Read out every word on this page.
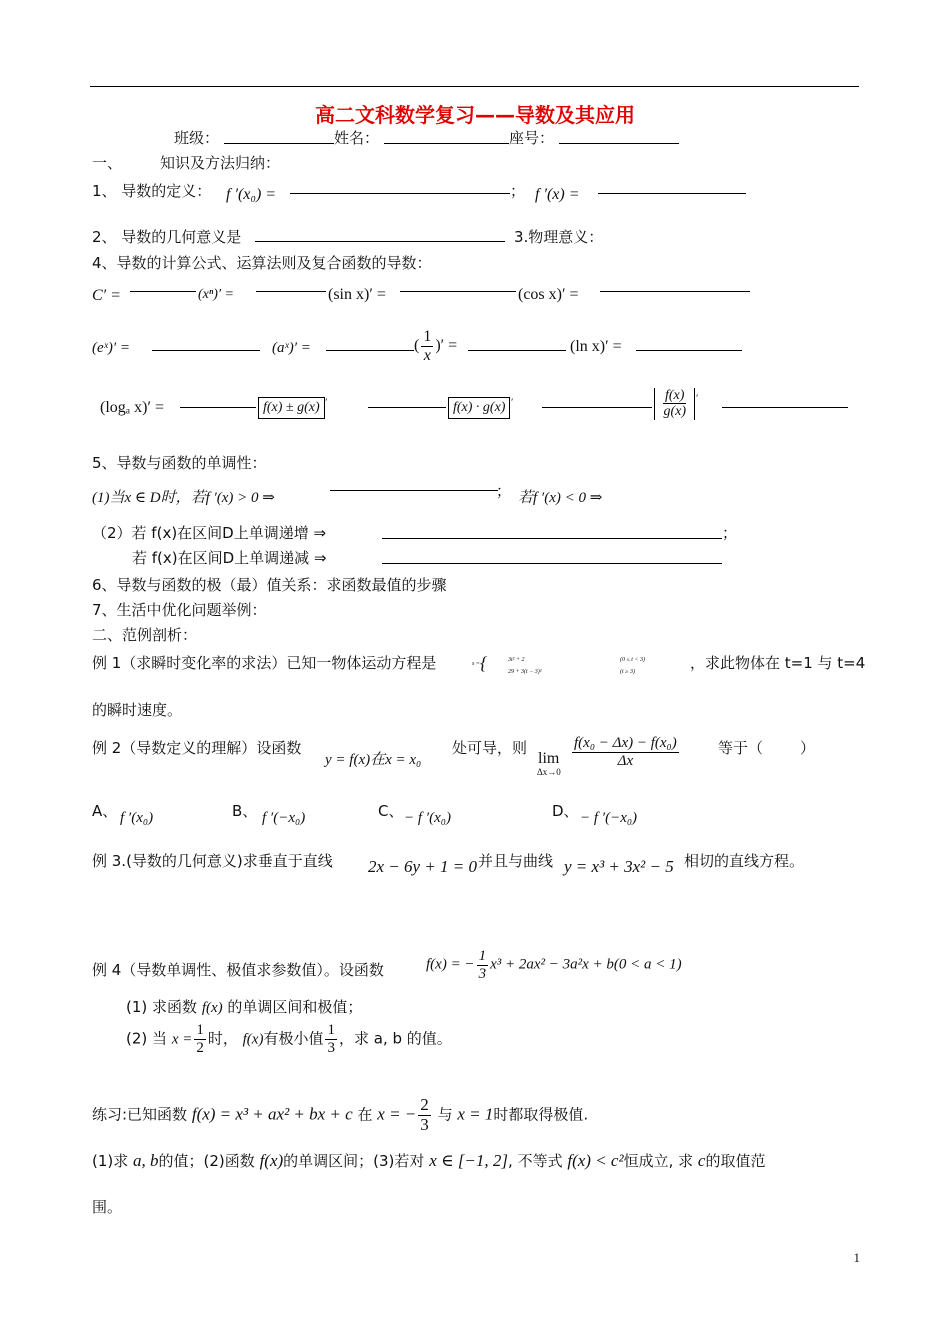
高二文科数学复习——导数及其应用
班级：	姓名：	座号：
一、	知识及方法归纳：
1、 导数的定义： f ′(x₀) =	； f ′(x) =
2、 导数的几何意义是	3.物理意义：
4、导数的计算公式、运算法则及复合函数的导数：
C′ =	(xⁿ)′ =	(sin x)′ =	(cos x)′ =
(eˣ)′ =	(aˣ)′ =	( $\frac{1}{x}$ )′ =	(ln x)′ =
(logₐ x)′ =	f(x) ± g(x) ′	f(x) · g(x) ′	$\frac{f(x)}{g(x)} '$
5、导数与函数的单调性：
(1)当x ∈ D时，若f ′(x) > 0 ⇒	； 若f ′(x) < 0 ⇒
（2）若 f(x)在区间D上单调递增 ⇒	；
若 f(x)在区间D上单调递减 ⇒
6、导数与函数的极（最）值关系：求函数最值的步骤
7、生活中优化问题举例：
二、范例剖析：
例 1（求瞬时变化率的求法）已知一物体运动方程是	s = {	3t² + 2	(0 ≤ t < 3)
29 + 3(t − 3)²	(t ≥ 3)	，求此物体在 t=1 与 t=4
的瞬时速度。
例 2（导数定义的理解）设函数
y = f(x)在x = x₀
处可导，则
lim
Δx→0
$\frac{\text{f(x₀ − Δx) − f(x₀)}}{\Delta x}$	等于（ ）
A、 f ′(x₀)	B、 f ′(−x₀)	C、 − f ′(x₀)	D、 − f ′(−x₀)
例 3.(导数的几何意义)求垂直于直线 2x − 6y + 1 = 0 并且与曲线 y = x³ + 3x² − 5 相切的直线方程。
例 4（导数单调性、极值求参数值）。设函数	f(x) = − $\frac{1}{3} x^3 + 2ax^2 - 3a^2x + b(0 < a < 1)$
(1) 求函数 f(x) 的单调区间和极值；
(2) 当 $x = \frac{1}{2}$ 时， f(x)有极小值 $\frac{1}{3}$ ，求 a, b 的值。
练习:已知函数 f(x) = x³ + ax² + bx + c 在 x = − $\frac{2}{3}$ 与 x = 1时都取得极值.
(1)求 a, b的值；(2)函数 f(x)的单调区间；(3)若对 x ∈ [−1, 2], 不等式 f(x) < c²恒成立, 求 c的取值范
围。
1
